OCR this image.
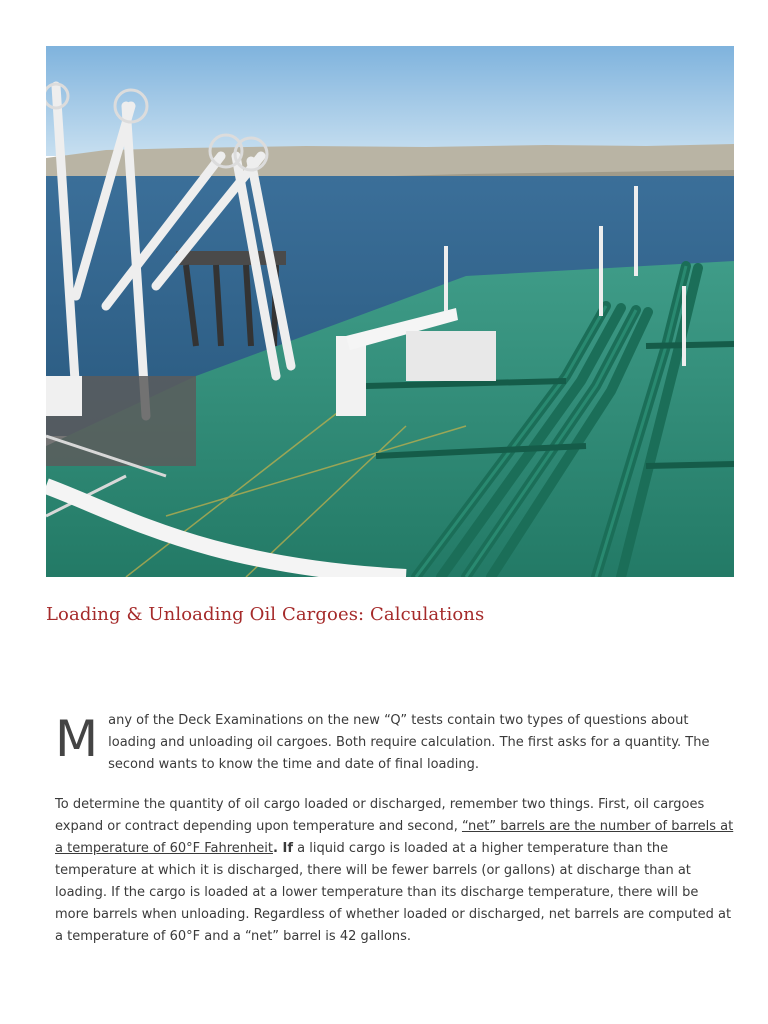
Loading & Unloading Oil Cargoes: Calculations
M any of the Deck Examinations on the new “Q” tests contain two types of questions about loading and unloading oil cargoes. Both require calculation. The first asks for a quantity. The second wants to know the time and date of final loading.

To determine the quantity of oil cargo loaded or discharged, remember two things. First, oil cargoes expand or contract depending upon temperature and second, “net” barrels are the number of barrels at a temperature of 60°F Fahrenheit. If a liquid cargo is loaded at a higher temperature than the temperature at which it is discharged, there will be fewer barrels (or gallons) at discharge than at loading. If the cargo is loaded at a lower temperature than its discharge temperature, there will be more barrels when unloading. Regardless of whether loaded or discharged, net barrels are computed at a temperature of 60°F and a “net” barrel is 42 gallons.
